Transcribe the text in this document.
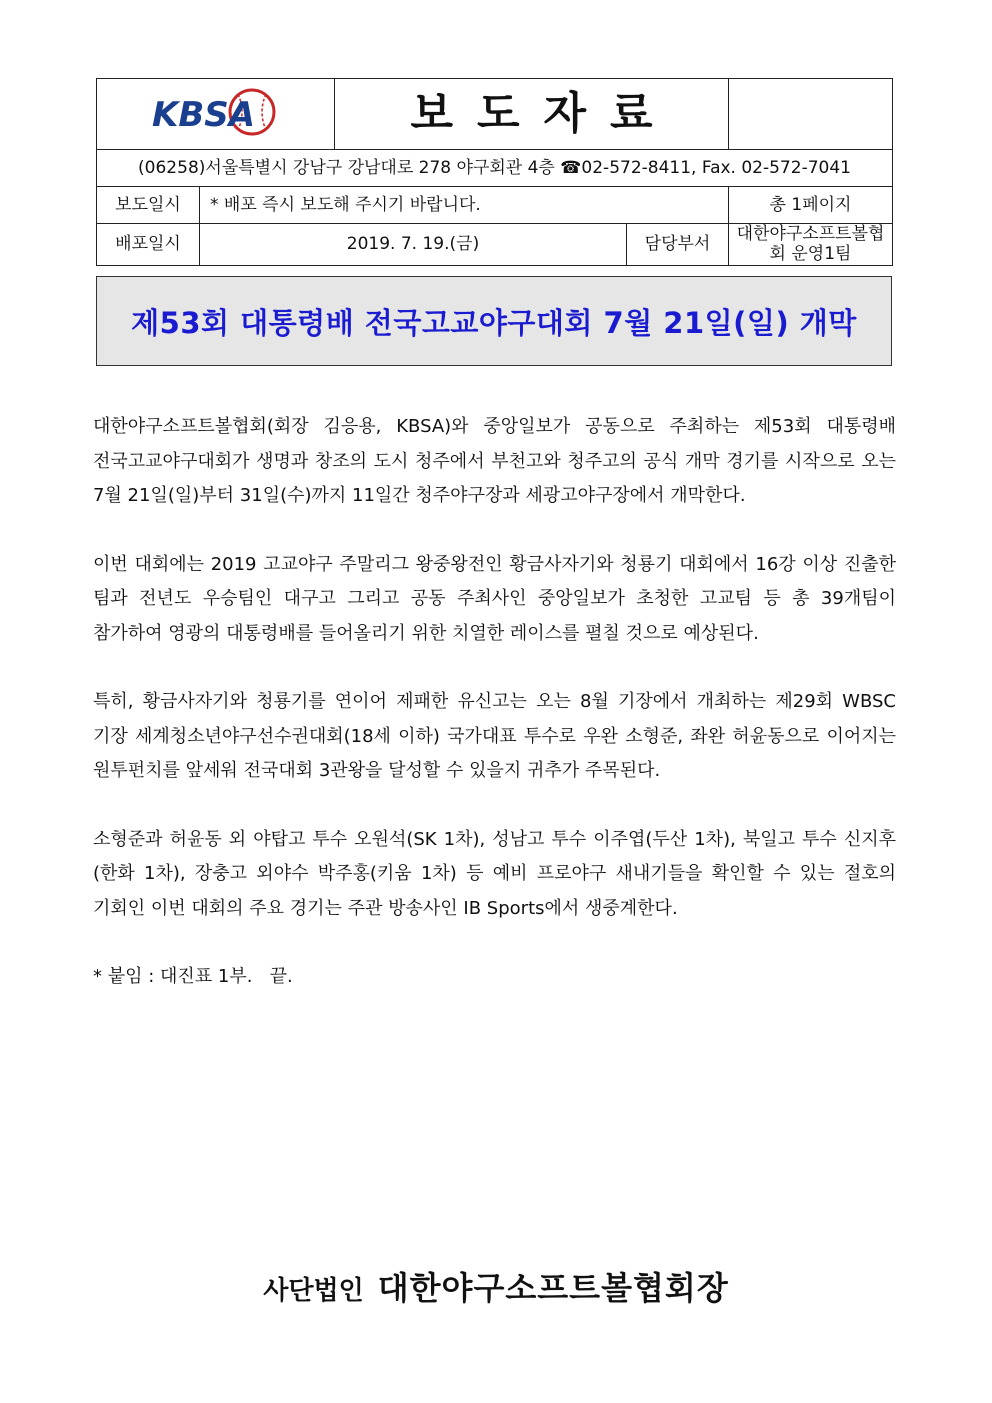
KBSA		보도자료		
(06258)서울특별시 강남구 강남대로 278 야구회관 4층 ☎02-572-8411, Fax. 02-572-7041				
보도일시	* 배포 즉시 보도해 주시기 바랍니다.			총 1페이지
배포일시	2019. 7. 19.(금)		담당부서	대한야구소프트볼협회 운영1팀
제53회 대통령배 전국고교야구대회 7월 21일(일) 개막

대한야구소프트볼협회(회장 김응용, KBSA)와 중앙일보가 공동으로 주최하는 제53회 대통령배 전국고교야구대회가 생명과 창조의 도시 청주에서 부천고와 청주고의 공식 개막 경기를 시작으로 오는 7월 21일(일)부터 31일(수)까지 11일간 청주야구장과 세광고야구장에서 개막한다.

이번 대회에는 2019 고교야구 주말리그 왕중왕전인 황금사자기와 청룡기 대회에서 16강 이상 진출한 팀과 전년도 우승팀인 대구고 그리고 공동 주최사인 중앙일보가 초청한 고교팀 등 총 39개팀이 참가하여 영광의 대통령배를 들어올리기 위한 치열한 레이스를 펼칠 것으로 예상된다.

특히, 황금사자기와 청룡기를 연이어 제패한 유신고는 오는 8월 기장에서 개최하는 제29회 WBSC 기장 세계청소년야구선수권대회(18세 이하) 국가대표 투수로 우완 소형준, 좌완 허윤동으로 이어지는 원투펀치를 앞세워 전국대회 3관왕을 달성할 수 있을지 귀추가 주목된다.

소형준과 허윤동 외 야탑고 투수 오원석(SK 1차), 성남고 투수 이주엽(두산 1차), 북일고 투수 신지후(한화 1차), 장충고 외야수 박주홍(키움 1차) 등 예비 프로야구 새내기들을 확인할 수 있는 절호의 기회인 이번 대회의 주요 경기는 주관 방송사인 IB Sports에서 생중계한다.

* 붙임 : 대진표 1부.   끝.

사단법인 대한야구소프트볼협회장
